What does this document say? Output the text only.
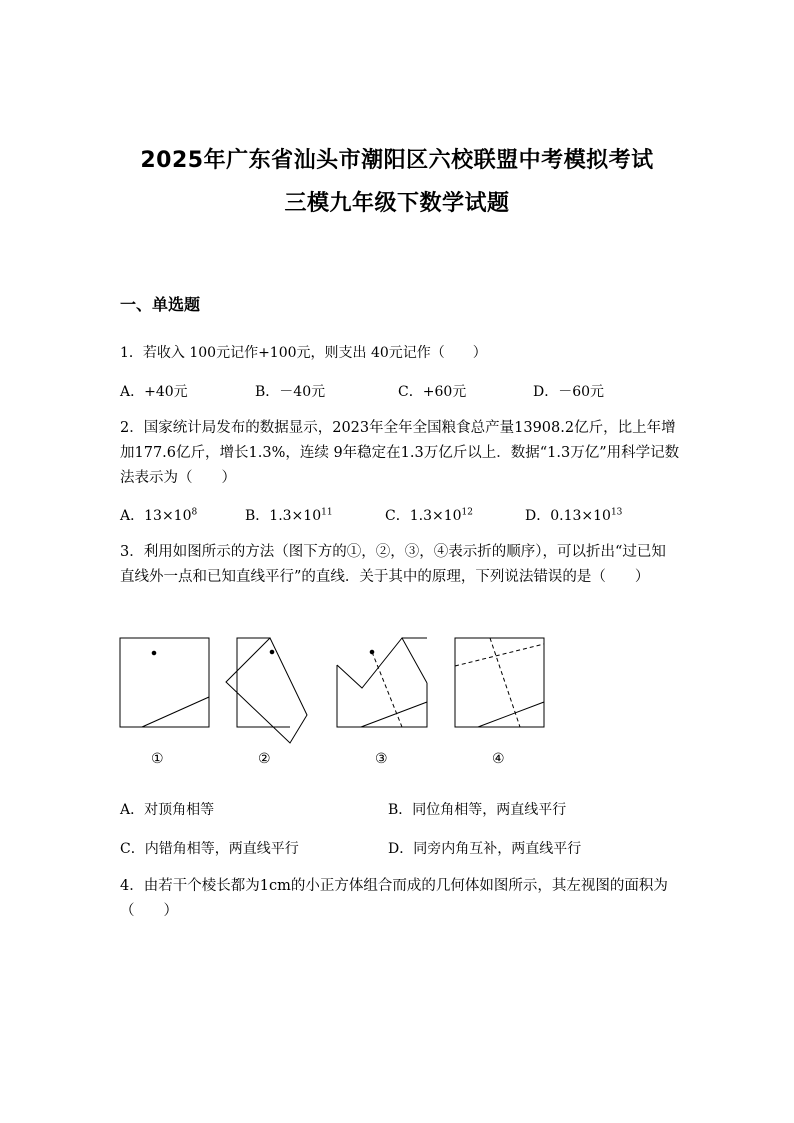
2025年广东省汕头市潮阳区六校联盟中考模拟考试
三模九年级下数学试题
一、单选题
1．若收入 100元记作+100元，则支出 40元记作（　　）
A．+40元	B．－40元	C．+60元	D．－60元
2．国家统计局发布的数据显示，2023年全年全国粮食总产量13908.2亿斤，比上年增加177.6亿斤，增长1.3%，连续 9年稳定在1.3万亿斤以上．数据“1.3万亿”用科学记数法表示为（　　）
A．$13\times 10^8$	B．$1.3\times 10^{11}$	C．$1.3\times 10^{12}$	D．$0.13\times 10^{13}$
3．利用如图所示的方法（图下方的①，②，③，④表示折的顺序），可以折出“过已知直线外一点和已知直线平行”的直线．关于其中的原理，下列说法错误的是（　　）
①	②	③	④
A．对顶角相等	B．同位角相等，两直线平行
C．内错角相等，两直线平行	D．同旁内角互补，两直线平行
4．由若干个棱长都为1cm的小正方体组合而成的几何体如图所示，其左视图的面积为（　　）
